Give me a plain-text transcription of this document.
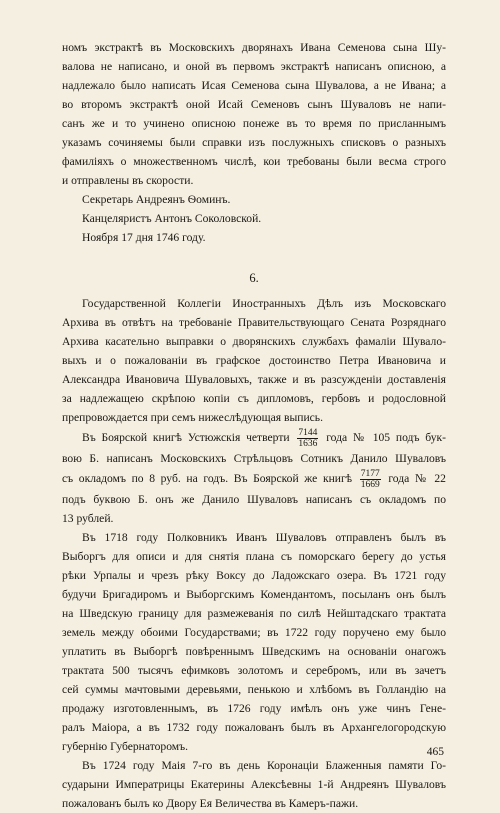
номъ экстрактѣ въ Московскихъ дворянахъ Ивана Семенова сына Шу-
валова не написано, и оной въ первомъ экстрактѣ написанъ описною, а
надлежало было написать Исая Семенова сына Шувалова, а не Ивана; а
во второмъ экстрактѣ оной Исай Семеновъ сынъ Шуваловъ не напи-
санъ же и то учинено описною понеже въ то время по присланнымъ
указамъ сочиняемы были справки изъ послужныхъ списковъ о разныхъ
фамиліяхъ о множественномъ числѣ, кои требованы были весма строго
и отправлены въ скорости.
Секретарь Андреянъ Ѳоминъ.
Канцеляристъ Антонъ Соколовской.
Ноября 17 дня 1746 году.
6.
Государственной Коллегіи Иностранныхъ Дѣлъ изъ Московскаго
Архива въ отвѣтъ на требованіе Правительствующаго Сената Розряднаго
Архива касательно выправки о дворянскихъ службахъ фамаліи Шувалo-
выхъ и о пожалованіи въ графское достоинство Петра Ивановича и
Александра Ивановича Шуваловыхъ, также и въ разсужденіи доставленія
за надлежащею скрѣпою копіи съ дипломовъ, гербовъ и родословной
препровождается при семъ нижеслѣдующая выпись.
Въ Боярской книгѣ Устюжскія четверти $\frac{7144}{1636}$ года № 105 подъ бук-
вою Б. написанъ Московскихъ Стрѣльцовъ Сотникъ Данило Шуваловъ
съ окладомъ по 8 руб. на годъ. Въ Боярской же книгѣ $\frac{7177}{1669}$ года № 22
подъ буквою Б. онъ же Данило Шуваловъ написанъ съ окладомъ по
13 рублей.
Въ 1718 году Полковникъ Иванъ Шуваловъ отправленъ былъ въ
Выборгъ для описи и для снятія плана съ поморскаго берегу до устья
рѣки Урпалы и чрезъ рѣку Воксу до Ладожскаго озера. Въ 1721 году
будучи Бригадиромъ и Выборгскимъ Комендантомъ, посыланъ онъ былъ
на Шведскую границу для размежеванія по силѣ Нейштадскаго трактата
земель между обоими Государствами; въ 1722 году поручено ему было
уплатить въ Выборгѣ повѣреннымъ Шведскимъ на основаніи онагожъ
трактата 500 тысячъ ефимковъ золотомъ и серебромъ, или въ зачетъ
сей суммы мачтовыми деревьями, пенькою и хлѣбомъ въ Голландію на
продажу изготовленнымъ, въ 1726 году имѣлъ онъ уже чинъ Гене-
ралъ Маіора, а въ 1732 году пожалованъ былъ въ Архангелогородскую
губернію Губернаторомъ.
Въ 1724 году Маія 7-го въ день Коронаціи Блаженныя памяти Го-
сударыни Императрицы Екатерины Алексѣевны 1-й Андреянъ Шуваловъ
пожалованъ былъ ко Двору Ея Величества въ Камеръ-пажи.
465
